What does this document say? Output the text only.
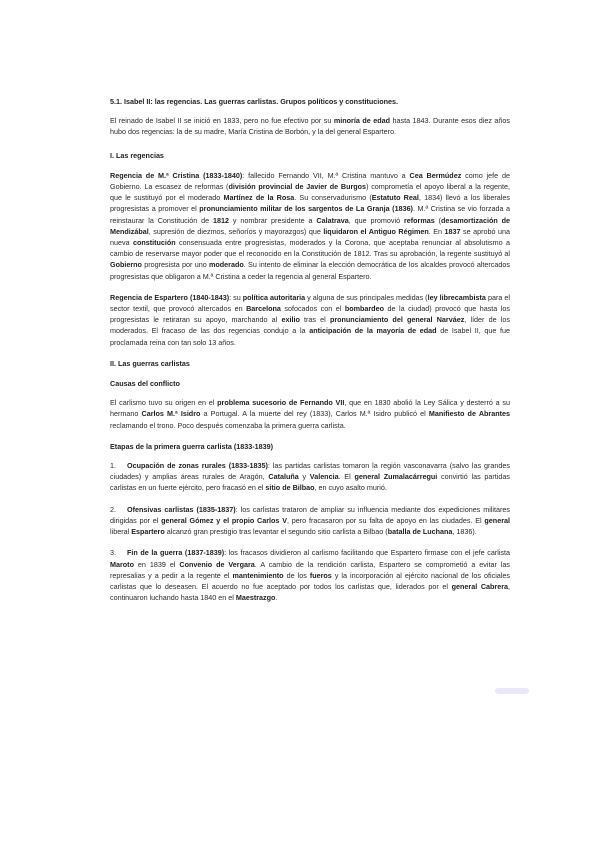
5.1. Isabel II: las regencias. Las guerras carlistas. Grupos políticos y constituciones.

El reinado de Isabel II se inició en 1833, pero no fue efectivo por su minoría de edad hasta 1843. Durante esos diez años hubo dos regencias: la de su madre, María Cristina de Borbón, y la del general Espartero.

I. Las regencias

Regencia de M.ª Cristina (1833-1840): fallecido Fernando VII, M.ª Cristina mantuvo a Cea Bermúdez como jefe de Gobierno. La escasez de reformas (división provincial de Javier de Burgos) comprometía el apoyo liberal a la regente, que le sustituyó por el moderado Martínez de la Rosa. Su conservadurismo (Estatuto Real, 1834) llevó a los liberales progresistas a promover el pronunciamiento militar de los sargentos de La Granja (1836). M.ª Cristina se vio forzada a reinstaurar la Constitución de 1812 y nombrar presidente a Calatrava, que promovió reformas (desamortización de Mendizábal, supresión de diezmos, señoríos y mayorazgos) que liquidaron el Antiguo Régimen. En 1837 se aprobó una nueva constitución consensuada entre progresistas, moderados y la Corona, que aceptaba renunciar al absolutismo a cambio de reservarse mayor poder que el reconocido en la Constitución de 1812. Tras su aprobación, la regente sustituyó al Gobierno progresista por uno moderado. Su intento de eliminar la elección democrática de los alcaldes provocó altercados progresistas que obligaron a M.ª Cristina a ceder la regencia al general Espartero.

Regencia de Espartero (1840-1843): su política autoritaria y alguna de sus principales medidas (ley librecambista para el sector textil, que provocó altercados en Barcelona sofocados con el bombardeo de la ciudad) provocó que hasta los progresistas le retiraran su apoyo, marchando al exilio tras el pronunciamiento del general Narváez, líder de los moderados. El fracaso de las dos regencias condujo a la anticipación de la mayoría de edad de Isabel II, que fue proclamada reina con tan solo 13 años.

II. Las guerras carlistas

Causas del conflicto

El carlismo tuvo su origen en el problema sucesorio de Fernando VII, que en 1830 abolió la Ley Sálica y desterró a su hermano Carlos M.ª Isidro a Portugal. A la muerte del rey (1833), Carlos M.ª Isidro publicó el Manifiesto de Abrantes reclamando el trono. Poco después comenzaba la primera guerra carlista.

Etapas de la primera guerra carlista (1833-1839)

1. Ocupación de zonas rurales (1833-1835): las partidas carlistas tomaron la región vasconavarra (salvo las grandes ciudades) y amplias áreas rurales de Aragón, Cataluña y Valencia. El general Zumalacárregui convirtió las partidas carlistas en un fuerte ejército, pero fracasó en el sitio de Bilbao, en cuyo asalto murió.

2. Ofensivas carlistas (1835-1837): los carlistas trataron de ampliar su influencia mediante dos expediciones militares dirigidas por el general Gómez y el propio Carlos V, pero fracasaron por su falta de apoyo en las ciudades. El general liberal Espartero alcanzó gran prestigio tras levantar el segundo sitio carlista a Bilbao (batalla de Luchana, 1836).

3. Fin de la guerra (1837-1839): los fracasos dividieron al carlismo facilitando que Espartero firmase con el jefe carlista Maroto en 1839 el Convenio de Vergara. A cambio de la rendición carlista, Espartero se comprometió a evitar las represalias y a pedir a la regente el mantenimiento de los fueros y la incorporación al ejército nacional de los oficiales carlistas que lo deseasen. El acuerdo no fue aceptado por todos los carlistas que, liderados por el general Cabrera, continuaron luchando hasta 1840 en el Maestrazgo.
